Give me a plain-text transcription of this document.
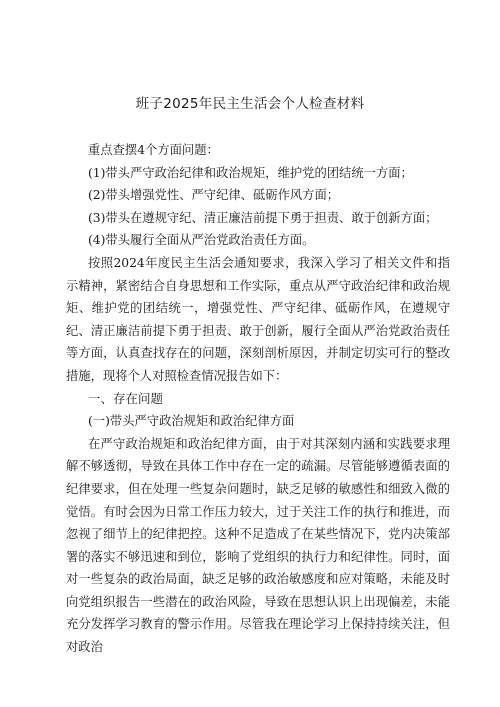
班子2025年民主生活会个人检查材料
重点查摆4个方面问题：
(1)带头严守政治纪律和政治规矩，维护党的团结统一方面；
(2)带头增强党性、严守纪律、砥砺作风方面；
(3)带头在遵规守纪、清正廉洁前提下勇于担责、敢于创新方面；
(4)带头履行全面从严治党政治责任方面。

按照2024年度民主生活会通知要求，我深入学习了相关文件和指示精神，紧密结合自身思想和工作实际，重点从严守政治纪律和政治规矩、维护党的团结统一，增强党性、严守纪律、砥砺作风，在遵规守纪、清正廉洁前提下勇于担责、敢于创新，履行全面从严治党政治责任等方面，认真查找存在的问题，深刻剖析原因，并制定切实可行的整改措施，现将个人对照检查情况报告如下：

一、存在问题
(一)带头严守政治规矩和政治纪律方面

在严守政治规矩和政治纪律方面，由于对其深刻内涵和实践要求理解不够透彻，导致在具体工作中存在一定的疏漏。尽管能够遵循表面的纪律要求，但在处理一些复杂问题时，缺乏足够的敏感性和细致入微的觉悟。有时会因为日常工作压力较大，过于关注工作的执行和推进，而忽视了细节上的纪律把控。这种不足造成了在某些情况下，党内决策部署的落实不够迅速和到位，影响了党组织的执行力和纪律性。同时，面对一些复杂的政治局面，缺乏足够的政治敏感度和应对策略，未能及时向党组织报告一些潜在的政治风险，导致在思想认识上出现偏差，未能充分发挥学习教育的警示作用。尽管我在理论学习上保持持续关注，但对政治
